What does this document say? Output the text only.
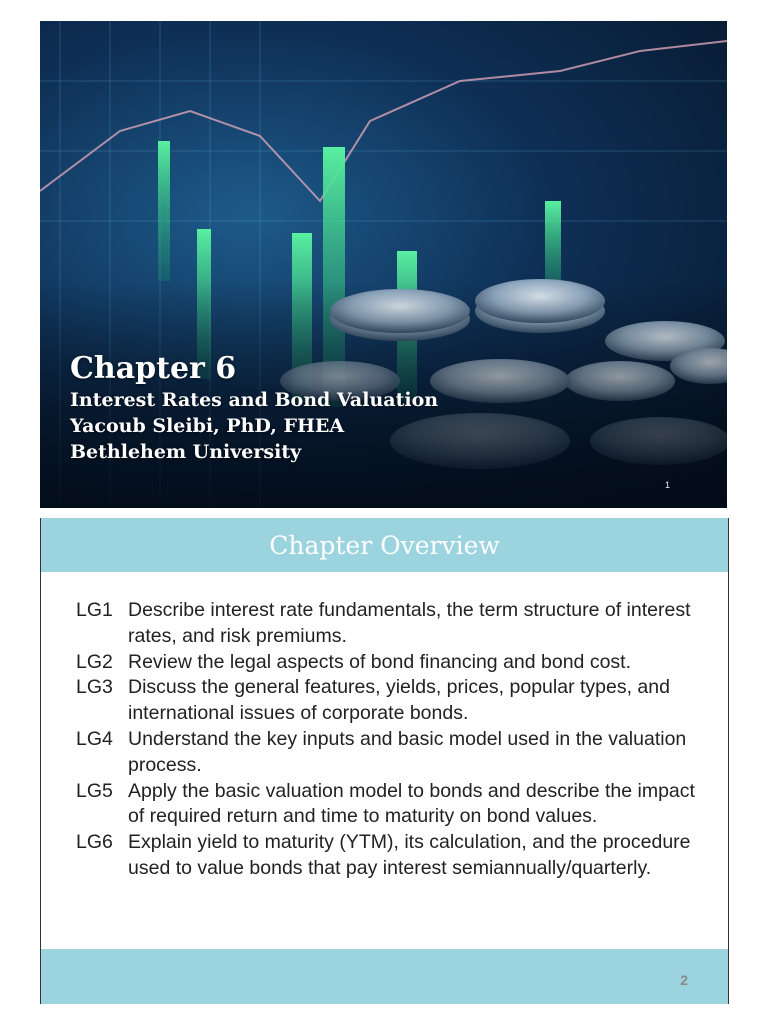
Chapter 6
Interest Rates and Bond Valuation
Yacoub Sleibi, PhD, FHEA
Bethlehem University
1
Chapter Overview
LG1 Describe interest rate fundamentals, the term structure of interest rates, and risk premiums.
LG2 Review the legal aspects of bond financing and bond cost.
LG3 Discuss the general features, yields, prices, popular types, and international issues of corporate bonds.
LG4 Understand the key inputs and basic model used in the valuation process.
LG5 Apply the basic valuation model to bonds and describe the impact of required return and time to maturity on bond values.
LG6 Explain yield to maturity (YTM), its calculation, and the procedure used to value bonds that pay interest semiannually/quarterly.
2
